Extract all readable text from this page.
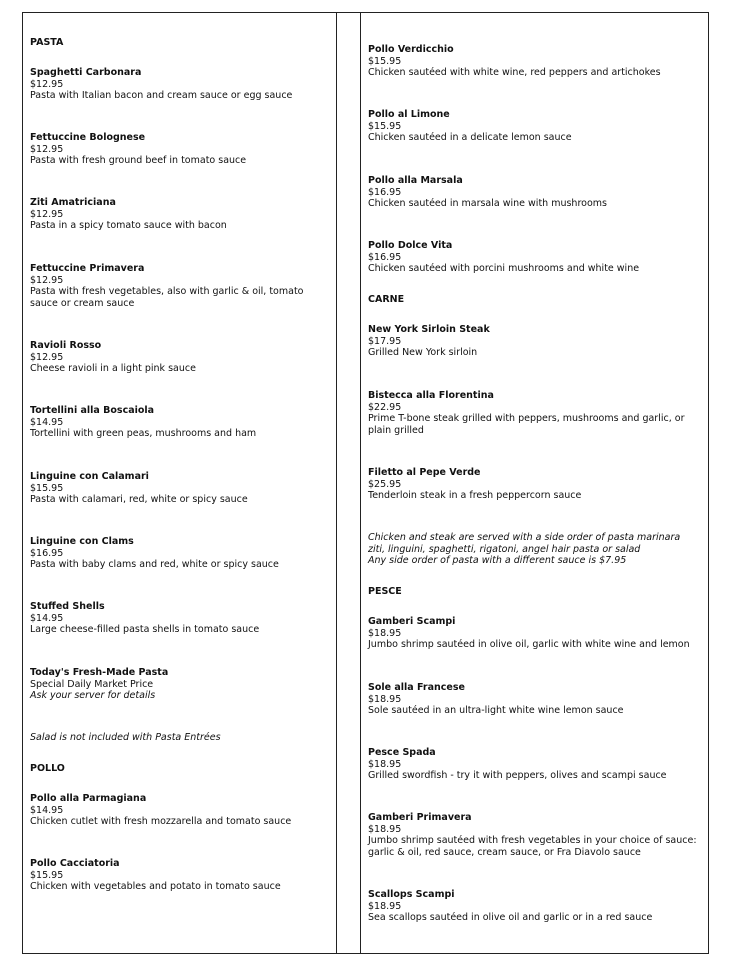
PASTA
Spaghetti Carbonara
$12.95
Pasta with Italian bacon and cream sauce or egg sauce
Fettuccine Bolognese
$12.95
Pasta with fresh ground beef in tomato sauce
Ziti Amatriciana
$12.95
Pasta in a spicy tomato sauce with bacon
Fettuccine Primavera
$12.95
Pasta with fresh vegetables, also with garlic & oil, tomato
sauce or cream sauce
Ravioli Rosso
$12.95
Cheese ravioli in a light pink sauce
Tortellini alla Boscaiola
$14.95
Tortellini with green peas, mushrooms and ham
Linguine con Calamari
$15.95
Pasta with calamari, red, white or spicy sauce
Linguine con Clams
$16.95
Pasta with baby clams and red, white or spicy sauce
Stuffed Shells
$14.95
Large cheese-filled pasta shells in tomato sauce
Today's Fresh-Made Pasta
Special Daily Market Price
Ask your server for details
Salad is not included with Pasta Entrées
POLLO
Pollo alla Parmagiana
$14.95
Chicken cutlet with fresh mozzarella and tomato sauce
Pollo Cacciatoria
$15.95
Chicken with vegetables and potato in tomato sauce
Pollo Verdicchio
$15.95
Chicken sautéed with white wine, red peppers and artichokes
Pollo al Limone
$15.95
Chicken sautéed in a delicate lemon sauce
Pollo alla Marsala
$16.95
Chicken sautéed in marsala wine with mushrooms
Pollo Dolce Vita
$16.95
Chicken sautéed with porcini mushrooms and white wine
CARNE
New York Sirloin Steak
$17.95
Grilled New York sirloin
Bistecca alla Florentina
$22.95
Prime T-bone steak grilled with peppers, mushrooms and garlic, or
plain grilled
Filetto al Pepe Verde
$25.95
Tenderloin steak in a fresh peppercorn sauce
Chicken and steak are served with a side order of pasta marinara
ziti, linguini, spaghetti, rigatoni, angel hair pasta or salad
Any side order of pasta with a different sauce is $7.95
PESCE
Gamberi Scampi
$18.95
Jumbo shrimp sautéed in olive oil, garlic with white wine and lemon
Sole alla Francese
$18.95
Sole sautéed in an ultra-light white wine lemon sauce
Pesce Spada
$18.95
Grilled swordfish - try it with peppers, olives and scampi sauce
Gamberi Primavera
$18.95
Jumbo shrimp sautéed with fresh vegetables in your choice of sauce:
garlic & oil, red sauce, cream sauce, or Fra Diavolo sauce
Scallops Scampi
$18.95
Sea scallops sautéed in olive oil and garlic or in a red sauce
